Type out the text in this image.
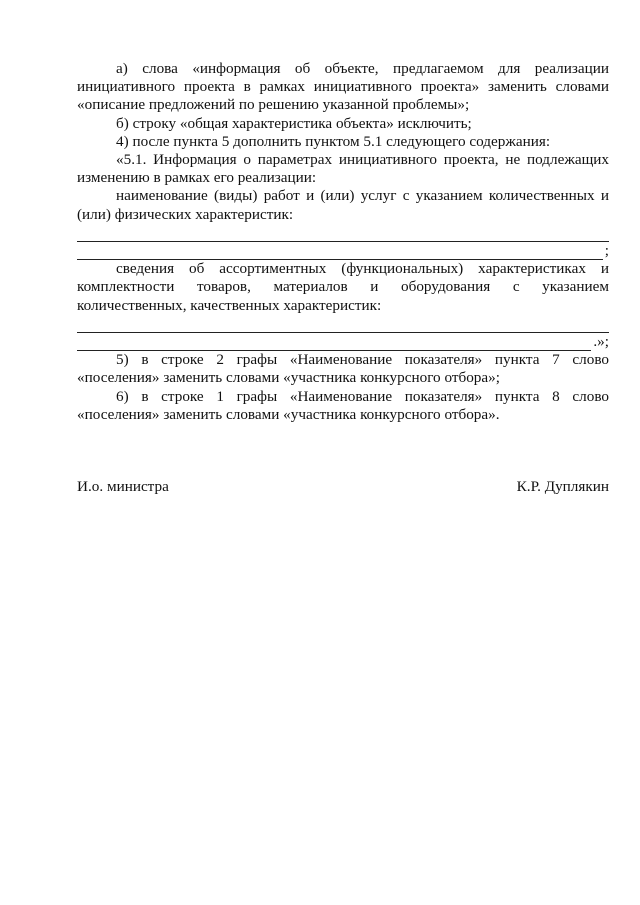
а) слова «информация об объекте, предлагаемом для реализации инициативного проекта в рамках инициативного проекта» заменить словами «описание предложений по решению указанной проблемы»;

б) строку «общая характеристика объекта» исключить;

4) после пункта 5 дополнить пунктом 5.1 следующего содержания:

«5.1. Информация о параметрах инициативного проекта, не подлежащих изменению в рамках его реализации:

наименование (виды) работ и (или) услуг с указанием количественных и (или) физических характеристик:

;

сведения об ассортиментных (функциональных) характеристиках и комплектности товаров, материалов и оборудования с указанием количественных, качественных характеристик:

.»;

5) в строке 2 графы «Наименование показателя» пункта 7 слово «поселения» заменить словами «участника конкурсного отбора»;

6) в строке 1 графы «Наименование показателя» пункта 8 слово «поселения» заменить словами «участника конкурсного отбора».

И.о. министра	К.Р. Дуплякин
